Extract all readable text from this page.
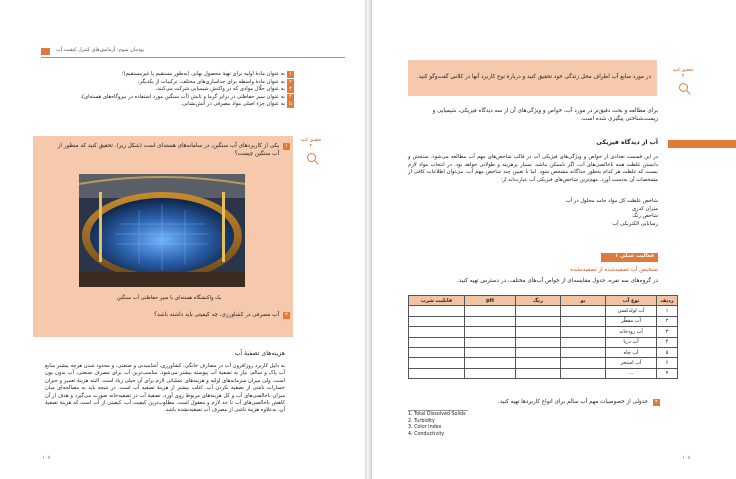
پودمان سوم: آزمایش‌های کنترل کیفیت آب
۱
به عنوان مادهٔ اولیه برای تهیهٔ محصول نهایی (به‌طور مستقیم یا غیرمستقیم)؛
۲
به عنوان مادهٔ واسطه برای جداسازی‌های مختلف، ترکیبات از یکدیگر،
۳
به عنوان حلّال موادی که در واکنش شیمیایی شرکت می‌کنند،
۴
به عنوان سیر حفاظتی در برابر گرما و تابش (آب سنگین مورد استفاده در نیروگاه‌های هسته‌ای)،
۵
به عنوان جزء اصلی مواد مصرفی در آتش‌نشانی.
یکی از کاربردهای آب سنگین، در سامانه‌های هسته‌ای است (شکل زیر). تحقیق کنید که منظور از آب سنگین چیست؟
۱
یک واکنشگاه هسته‌ای با سپر حفاظتی آب سنگین
آب مصرفی در کشاورزی، چه کیفیتی باید داشته باشد؟	۲
تحقیق کنید ۲
هزینه‌های تصفیهٔ آب
به دلیل کاربرد روزافزون آب در مصارف خانگی، کشاورزی، آشامیدنی و صنعتی، و محدود شدن هرچه بیشتر منابع آب پاک و سالم، نیاز به تصفیهٔ آب پیوسته بیشتر می‌شود. مناسب‌ترین آب برای مصرف صنعتی، آب بدون یون است، ولی میزان سرمایه‌های اولیه و هزینه‌های عملیاتی لازم برای آن خیلی زیاد است. البته هزینهٔ تعمیر و جبران خسارات ناشی از تصفیه نکردن آب، اغلب بیشتر از هزینهٔ تصفیه آب است. در نتیجه باید به مصالحه‌ای میان میزان ناخالصی‌های آب و کل هزینه‌های مربوط روی آورد. تصفیهٔ آب در تصفیه‌خانه صورت می‌گیرد و هدف از آن کاهش ناخالصی‌های آب تا حد لازم و معقول است. مطلوب‌ترین کیفیت آب، کیفیتی از آب است که هزینهٔ تصفیهٔ آن، به‌علاوه هزینهٔ ناشی از مصرف آب تصفیه‌نشده باشد.
۱۰۷
در مورد منابع آب اطراف محل زندگی خود تحقیق کنید و دربارهٔ نوع کاربرد آنها در کلاس گفت‌وگو کنید.
تحقیق کنید ۳
برای مطالعه و بحث دقیق‌تر در مورد آب، خواص و ویژگی‌های آن از سه دیدگاه فیزیکی، شیمیایی و زیست‌شناختی پیگیری شده است.
آب از دیدگاه فیزیکی
در این قسمت تعدادی از خواص و ویژگی‌های فیزیکی آب در قالب شاخص‌های مهم آب مطالعه می‌شود. سنجش و دانستن غلظت همه ناخالصی‌های آب، اگر ناممکن نباشد، بسیار پرهزینه و طولانی خواهد بود. در انتخاب مواد لازم نیست که غلظت هر کدام به‌طور جداگانه مشخص شود. اما با تعیین چند شاخص مهم آب، می‌توان اطلاعات کافی از مشخصات آن به‌دست آورد. مهم‌ترین شاخص‌های فیزیکی آب عبارت‌اند از:
شاخص غلظت کل مواد جامد محلول در آب
میزان کدری
شاخص رنگ
رسانایی الکتریکی آب
فعالیت عملی ۱
تشخیص آب تصفیه‌شده از تصفیه‌نشده
در گروه‌های سه نفره، جدول مقایسه‌ای از خواص آب‌های مختلف، در دسترس تهیه کنید.
ردیف	نوع آب	بو	رنگ	pH	قابلیت شرب
۱	آب لوله‌کشی				
۲	آب مقطّر				
۳	آب رودخانه				
۴	آب دریا				
۵	آب چاه				
۶	آب استخر				
۷	...				
جدولی از خصوصیات مهم آب سالم برای انواع کاربردها تهیه کنید.	۲
1. Total Dissolved Solids
2. Turbidity
3. Color Index
4. Conductivity
۱۰۸
